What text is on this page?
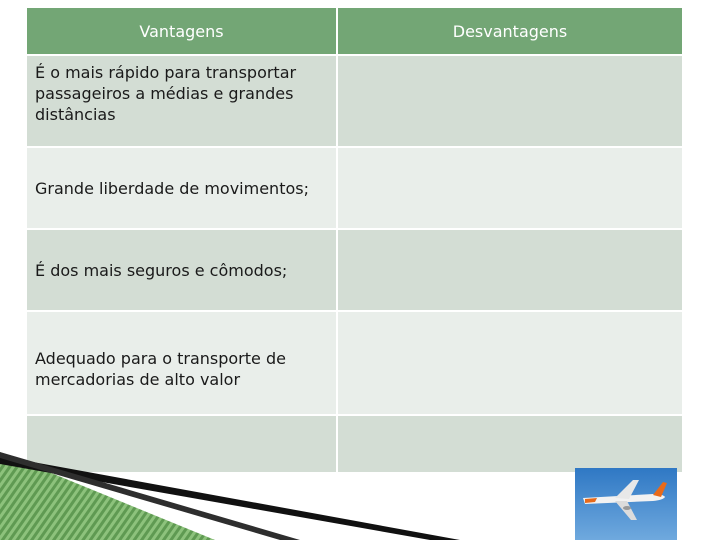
Vantagens	Desvantagens
É o mais rápido para transportar passageiros a médias e grandes distâncias	
Grande liberdade de movimentos;	
É dos mais seguros e cômodos;	
Adequado para o transporte de mercadorias de alto valor	
